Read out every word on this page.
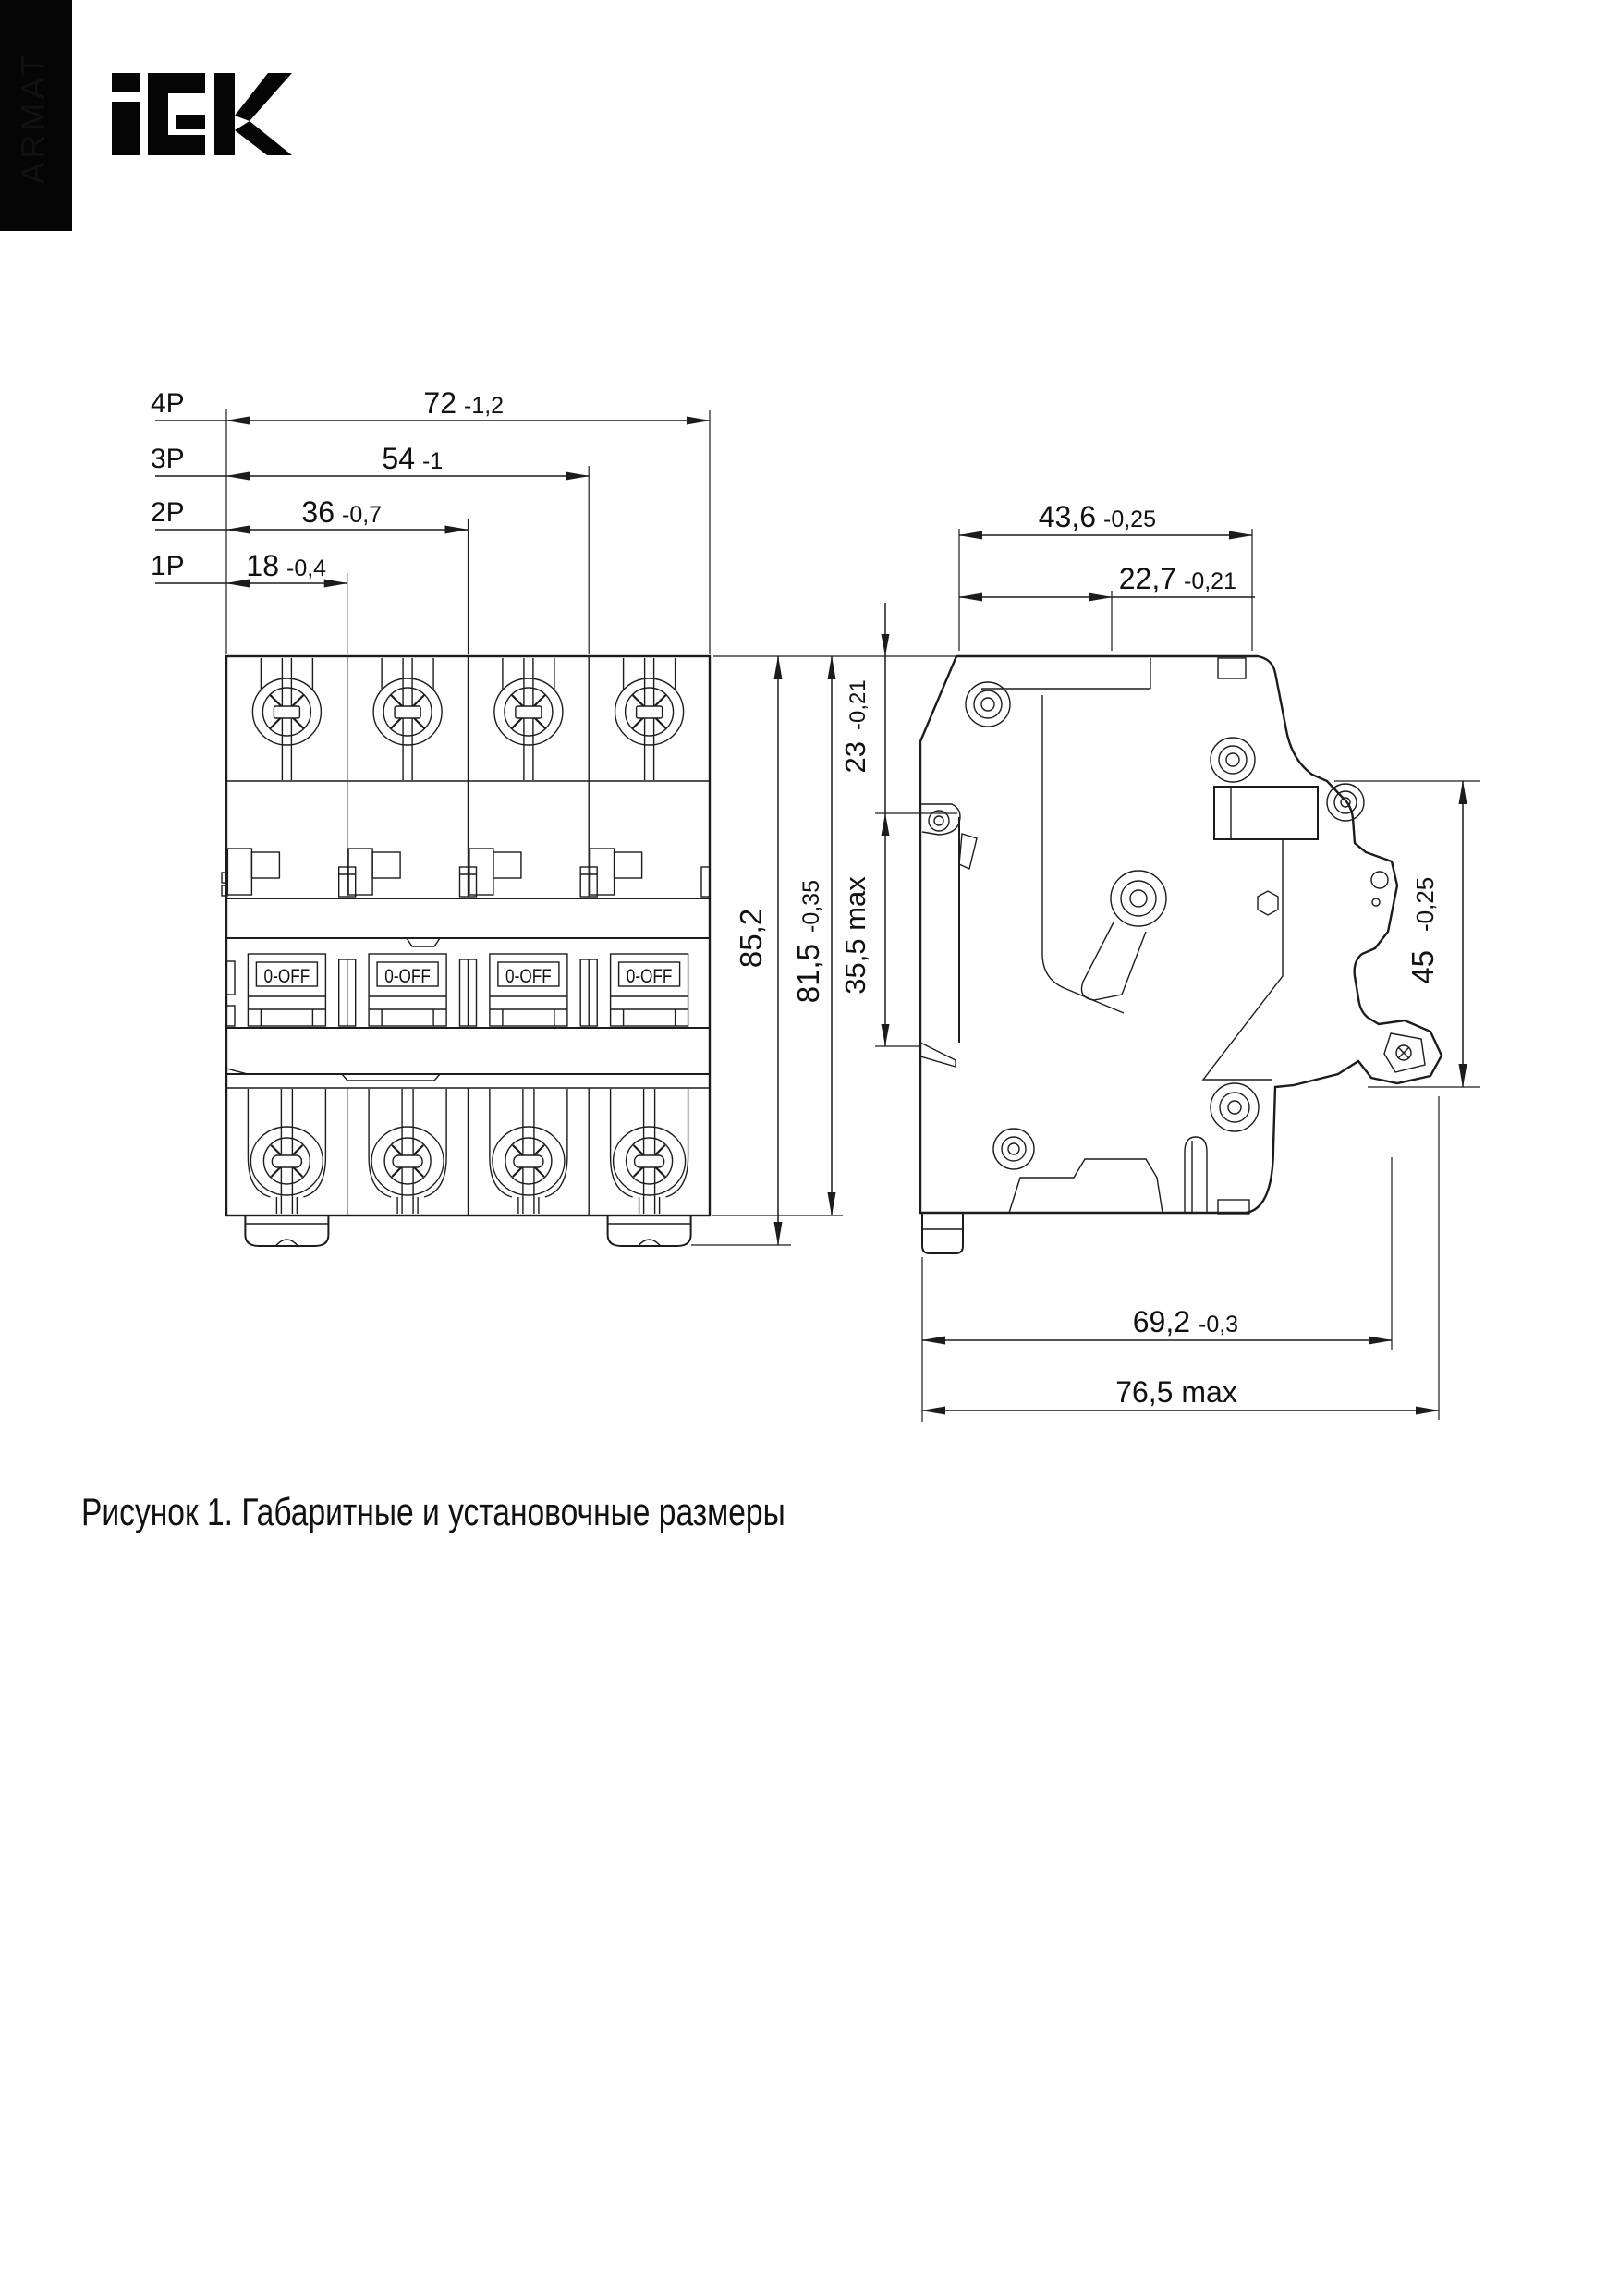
ARMAT
0-OFF	0-OFF	0-OFF	0-OFF
4P	72 -1,2
3P	54 -1
2P	36 -0,7
1P 18 -0,4
85,2
81,5
-0,35
43,6 -0,25
22,7 -0,21
23
-0,21
35,5 max	45
-0,25
69,2 -0,3
76,5 max
Рисунок 1. Габаритные и установочные размеры
